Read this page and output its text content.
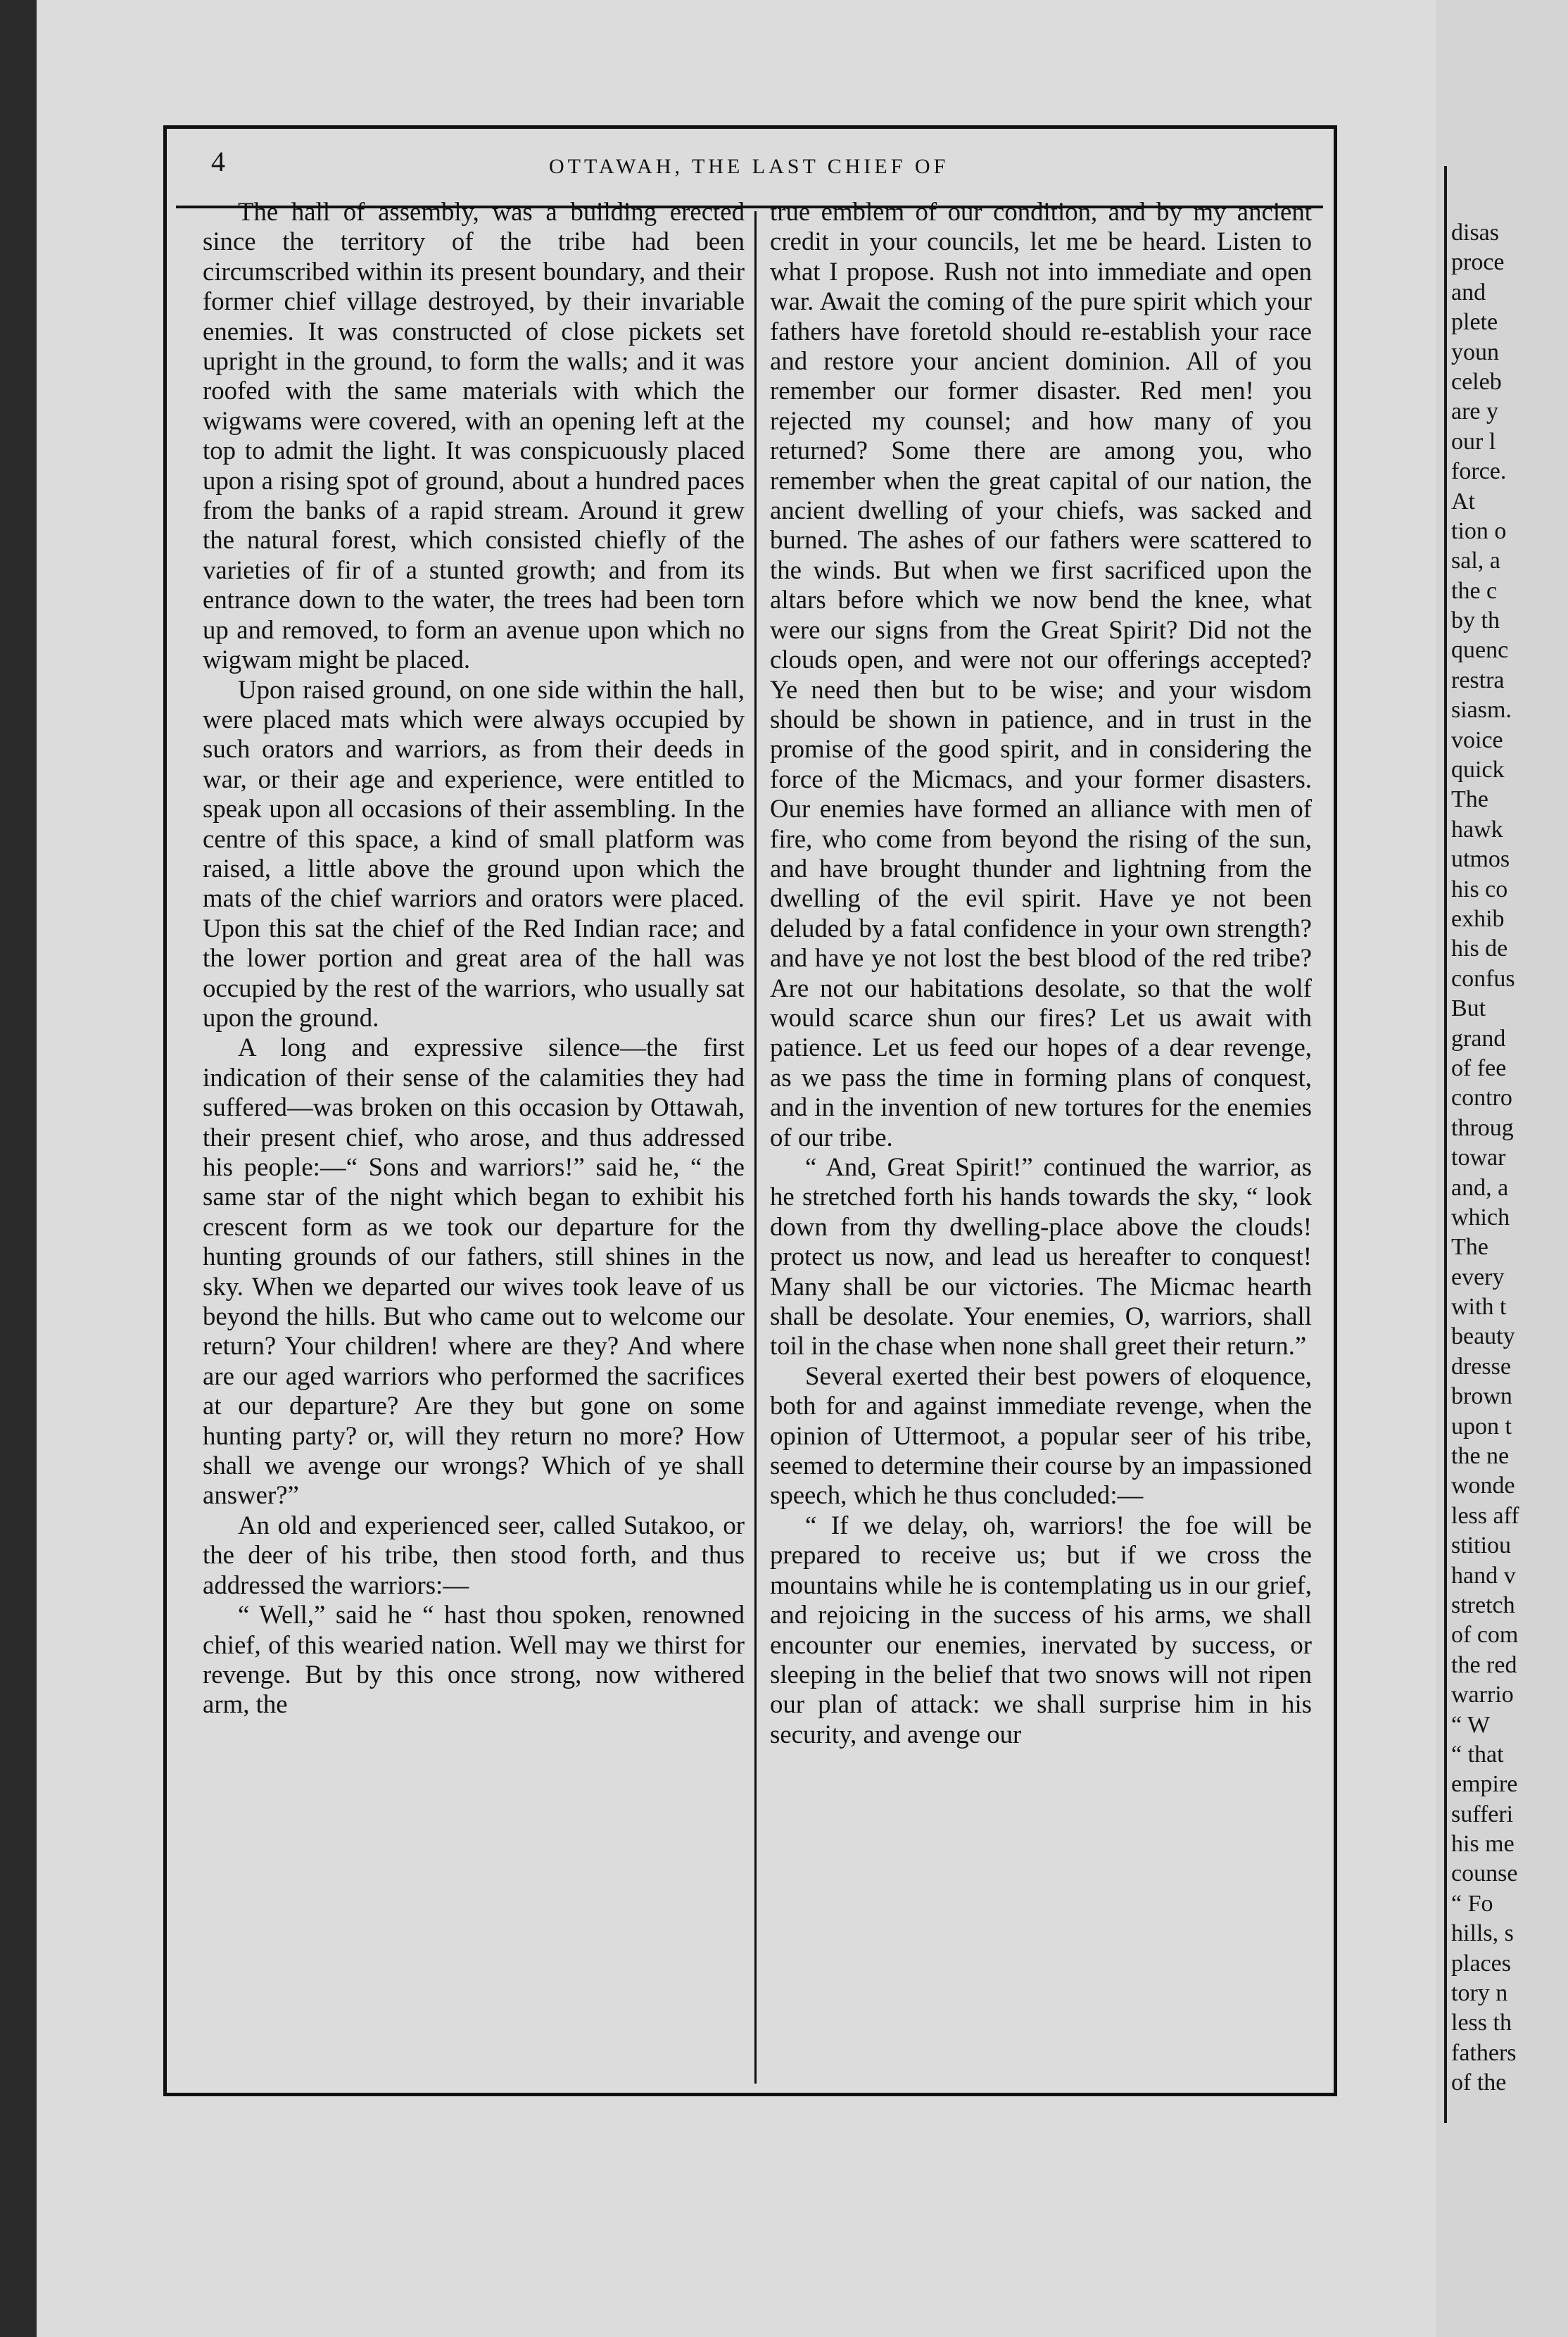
disas
proce
and
plete
youn
celeb
are y
our l
force.
At
tion o
sal, a
the c
by th
quenc
restra
siasm.
voice
quick
The
hawk
utmos
his co
exhib
his de
confus
But
grand
of fee
contro
throug
towar
and, a
which
The
every
with t
beauty
dresse
brown
upon t
the ne
wonde
less aff
stitiou
hand v
stretch
of com
the red
warrio
“ W
“ that
empire
sufferi
his me
counse
“ Fo
hills, s
places
tory n
less th
fathers
of the
4	OTTAWAH, THE LAST CHIEF OF

The hall of assembly, was a building erected since the territory of the tribe had been circumscribed within its present boundary, and their former chief village destroyed, by their invariable enemies. It was constructed of close pickets set upright in the ground, to form the walls; and it was roofed with the same materials with which the wigwams were covered, with an opening left at the top to admit the light. It was conspicuously placed upon a rising spot of ground, about a hundred paces from the banks of a rapid stream. Around it grew the natural forest, which consisted chiefly of the varieties of fir of a stunted growth; and from its entrance down to the water, the trees had been torn up and removed, to form an avenue upon which no wigwam might be placed.

Upon raised ground, on one side within the hall, were placed mats which were always occupied by such orators and warriors, as from their deeds in war, or their age and experience, were entitled to speak upon all occasions of their assembling. In the centre of this space, a kind of small platform was raised, a little above the ground upon which the mats of the chief warriors and orators were placed. Upon this sat the chief of the Red Indian race; and the lower portion and great area of the hall was occupied by the rest of the warriors, who usually sat upon the ground.

A long and expressive silence—the first indication of their sense of the calamities they had suffered—was broken on this occasion by Ottawah, their present chief, who arose, and thus addressed his people:—“ Sons and warriors!” said he, “ the same star of the night which began to exhibit his crescent form as we took our departure for the hunting grounds of our fathers, still shines in the sky. When we departed our wives took leave of us beyond the hills. But who came out to welcome our return? Your children! where are they? And where are our aged warriors who performed the sacrifices at our departure? Are they but gone on some hunting party? or, will they return no more? How shall we avenge our wrongs? Which of ye shall answer?”

An old and experienced seer, called Sutakoo, or the deer of his tribe, then stood forth, and thus addressed the warriors:—

“ Well,” said he “ hast thou spoken, renowned chief, of this wearied nation. Well may we thirst for revenge. But by this once strong, now withered arm, the

true emblem of our condition, and by my ancient credit in your councils, let me be heard. Listen to what I propose. Rush not into immediate and open war. Await the coming of the pure spirit which your fathers have foretold should re-establish your race and restore your ancient dominion. All of you remember our former disaster. Red men! you rejected my counsel; and how many of you returned? Some there are among you, who remember when the great capital of our nation, the ancient dwelling of your chiefs, was sacked and burned. The ashes of our fathers were scattered to the winds. But when we first sacrificed upon the altars before which we now bend the knee, what were our signs from the Great Spirit? Did not the clouds open, and were not our offerings accepted? Ye need then but to be wise; and your wisdom should be shown in patience, and in trust in the promise of the good spirit, and in considering the force of the Micmacs, and your former disasters. Our enemies have formed an alliance with men of fire, who come from beyond the rising of the sun, and have brought thunder and lightning from the dwelling of the evil spirit. Have ye not been deluded by a fatal confidence in your own strength? and have ye not lost the best blood of the red tribe? Are not our habitations desolate, so that the wolf would scarce shun our fires? Let us await with patience. Let us feed our hopes of a dear revenge, as we pass the time in forming plans of conquest, and in the invention of new tortures for the enemies of our tribe.

“ And, Great Spirit!” continued the warrior, as he stretched forth his hands towards the sky, “ look down from thy dwelling-place above the clouds! protect us now, and lead us hereafter to conquest! Many shall be our victories. The Micmac hearth shall be desolate. Your enemies, O, warriors, shall toil in the chase when none shall greet their return.”

Several exerted their best powers of eloquence, both for and against immediate revenge, when the opinion of Uttermoot, a popular seer of his tribe, seemed to determine their course by an impassioned speech, which he thus concluded:—

“ If we delay, oh, warriors! the foe will be prepared to receive us; but if we cross the mountains while he is contemplating us in our grief, and rejoicing in the success of his arms, we shall encounter our enemies, inervated by success, or sleeping in the belief that two snows will not ripen our plan of attack: we shall surprise him in his security, and avenge our
